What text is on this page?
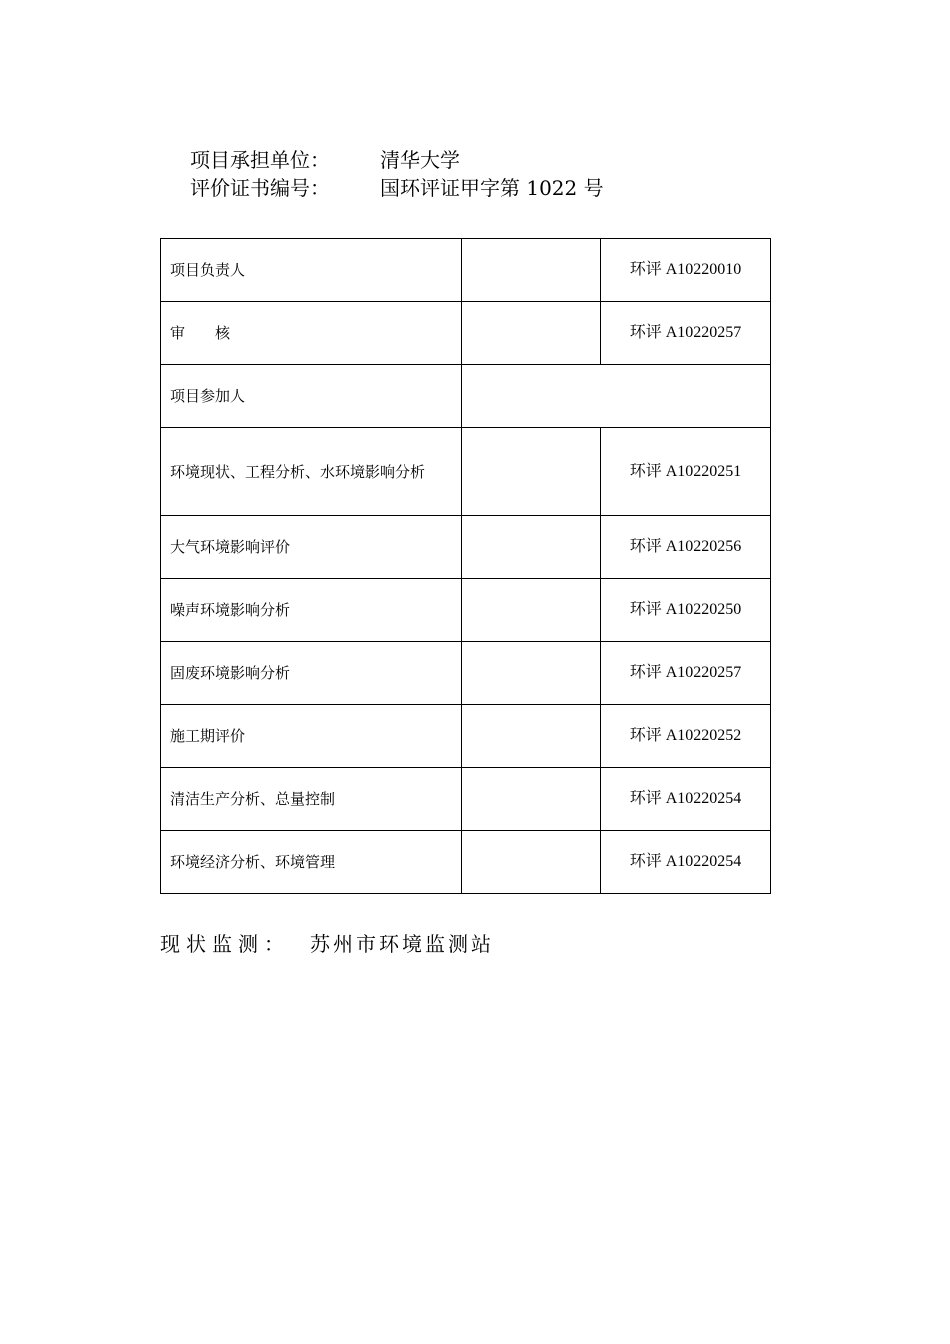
项目承担单位：	清华大学
评价证书编号：	国环评证甲字第 1022 号
项目负责人		环评 A10220010
审　　核		环评 A10220257
项目参加人		
环境现状、工程分析、水环境影响分析		环评 A10220251
大气环境影响评价		环评 A10220256
噪声环境影响分析		环评 A10220250
固废环境影响分析		环评 A10220257
施工期评价		环评 A10220252
清洁生产分析、总量控制		环评 A10220254
环境经济分析、环境管理		环评 A10220254
现状监测：	苏州市环境监测站
